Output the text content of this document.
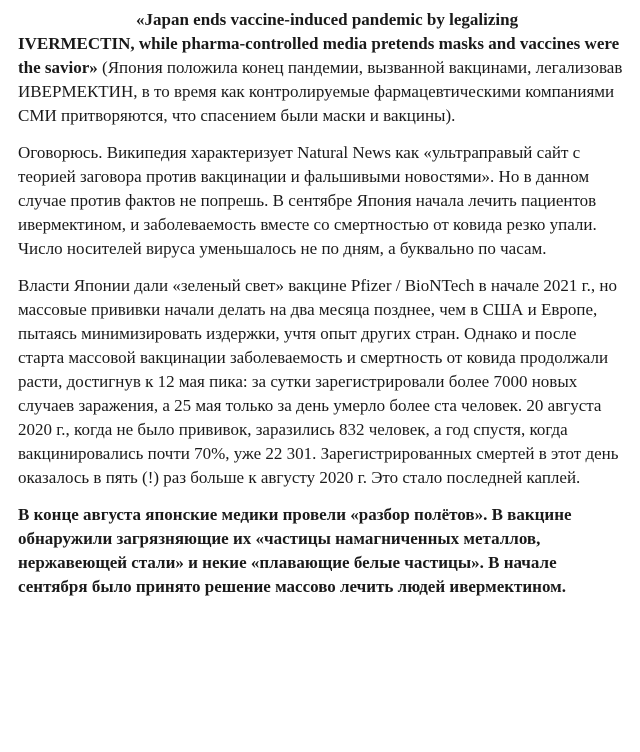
«Japan ends vaccine-induced pandemic by legalizing IVERMECTIN, while pharma-controlled media pretends masks and vaccines were the savior» (Япония положила конец пандемии, вызванной вакцинами, легализовав ИВЕРМЕКТИН, в то время как контролируемые фармацевтическими компаниями СМИ притворяются, что спасением были маски и вакцины).

Оговорюсь. Википедия характеризует Natural News как «ультраправый сайт с теорией заговора против вакцинации и фальшивыми новостями». Но в данном случае против фактов не попрешь. В сентябре Япония начала лечить пациентов ивермектином, и заболеваемость вместе со смертностью от ковида резко упали. Число носителей вируса уменьшалось не по дням, а буквально по часам.

Власти Японии дали «зеленый свет» вакцине Pfizer / BioNTech в начале 2021 г., но массовые прививки начали делать на два месяца позднее, чем в США и Европе, пытаясь минимизировать издержки, учтя опыт других стран. Однако и после старта массовой вакцинации заболеваемость и смертность от ковида продолжали расти, достигнув к 12 мая пика: за сутки зарегистрировали более 7000 новых случаев заражения, а 25 мая только за день умерло более ста человек. 20 августа 2020 г., когда не было прививок, заразились 832 человек, а год спустя, когда вакцинировались почти 70%, уже 22 301. Зарегистрированных смертей в этот день оказалось в пять (!) раз больше к августу 2020 г. Это стало последней каплей.

В конце августа японские медики провели «разбор полётов». В вакцине обнаружили загрязняющие их «частицы намагниченных металлов, нержавеющей стали» и некие «плавающие белые частицы». В начале сентября было принято решение массово лечить людей ивермектином.
